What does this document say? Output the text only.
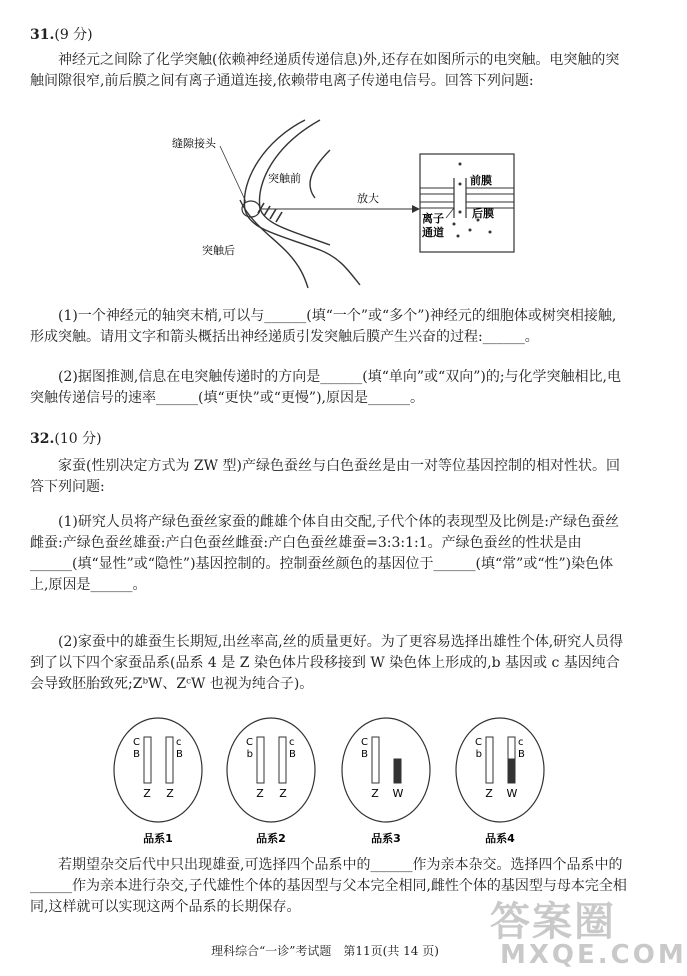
31.(9 分)
　　神经元之间除了化学突触(依赖神经递质传递信息)外,还存在如图所示的电突触。电突触的突触间隙很窄,前后膜之间有离子通道连接,依赖带电离子传递电信号。回答下列问题:
缝隙接头
突触前
突触后
放大
前膜
后膜
离子
通道
　　(1)一个神经元的轴突末梢,可以与______(填“一个”或“多个”)神经元的细胞体或树突相接触,形成突触。请用文字和箭头概括出神经递质引发突触后膜产生兴奋的过程:______。
　　(2)据图推测,信息在电突触传递时的方向是______(填“单向”或“双向”)的;与化学突触相比,电突触传递信号的速率______(填“更快”或“更慢”),原因是______。
32.(10 分)
　　家蚕(性别决定方式为 ZW 型)产绿色蚕丝与白色蚕丝是由一对等位基因控制的相对性状。回答下列问题:
　　(1)研究人员将产绿色蚕丝家蚕的雌雄个体自由交配,子代个体的表现型及比例是:产绿色蚕丝雌蚕:产绿色蚕丝雄蚕:产白色蚕丝雌蚕:产白色蚕丝雄蚕=3:3:1:1。产绿色蚕丝的性状是由______(填“显性”或“隐性”)基因控制的。控制蚕丝颜色的基因位于______(填“常”或“性”)染色体上,原因是______。
　　(2)家蚕中的雄蚕生长期短,出丝率高,丝的质量更好。为了更容易选择出雄性个体,研究人员得到了以下四个家蚕品系(品系 4 是 Z 染色体片段移接到 W 染色体上形成的,b 基因或 c 基因纯合会导致胚胎致死;ZᵇW、ZᶜW 也视为纯合子)。
C
B
c
B
Z Z
品系1
C
b
c
B
Z Z
品系2
C
B
Z W
品系3
C
b
c
B
Z W
品系4
　　若期望杂交后代中只出现雄蚕,可选择四个品系中的______作为亲本杂交。选择四个品系中的______作为亲本进行杂交,子代雄性个体的基因型与父本完全相同,雌性个体的基因型与母本完全相同,这样就可以实现这两个品系的长期保存。	答案圈
MXQE.COM
理科综合“一诊”考试题　第11页(共 14 页)
